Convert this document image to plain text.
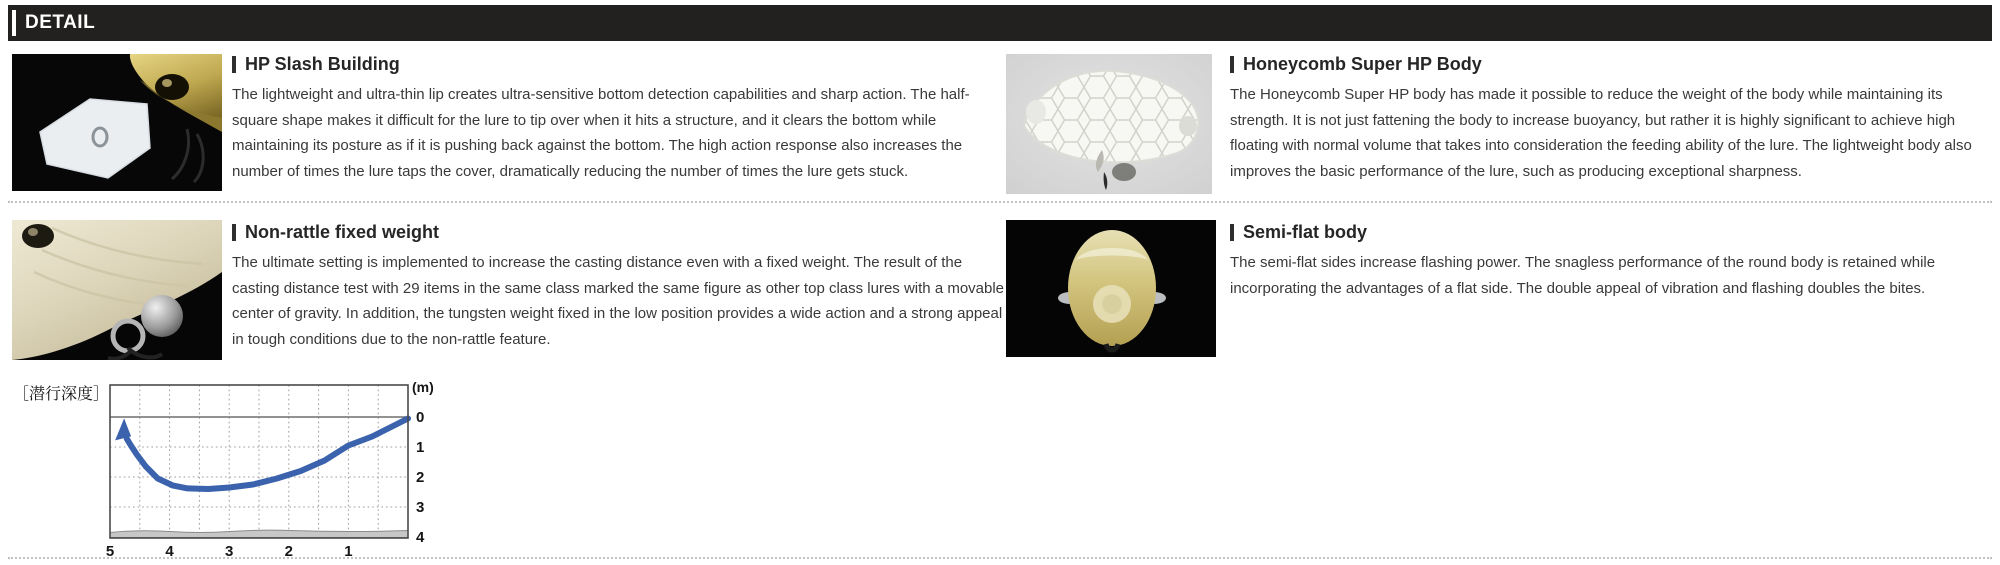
DETAIL
HP Slash Building
The lightweight and ultra-thin lip creates ultra-sensitive bottom detection capabilities and sharp action. The half-square shape makes it difficult for the lure to tip over when it hits a structure, and it clears the bottom while maintaining its posture as if it is pushing back against the bottom. The high action response also increases the number of times the lure taps the cover, dramatically reducing the number of times the lure gets stuck.
Honeycomb Super HP Body
The Honeycomb Super HP body has made it possible to reduce the weight of the body while maintaining its strength. It is not just fattening the body to increase buoyancy, but rather it is highly significant to achieve high floating with normal volume that takes into consideration the feeding ability of the lure. The lightweight body also improves the basic performance of the lure, such as producing exceptional sharpness.
Non-rattle fixed weight
The ultimate setting is implemented to increase the casting distance even with a fixed weight. The result of the casting distance test with 29 items in the same class marked the same figure as other top class lures with a movable center of gravity. In addition, the tungsten weight fixed in the low position provides a wide action and a strong appeal in tough conditions due to the non-rattle feature.
Semi-flat body
The semi-flat sides increase flashing power. The snagless performance of the round body is retained while incorporating the advantages of a flat side. The double appeal of vibration and flashing doubles the bites.
［潜行深度］
5	4	3	2	1
0
1
2
3
4
(m)
